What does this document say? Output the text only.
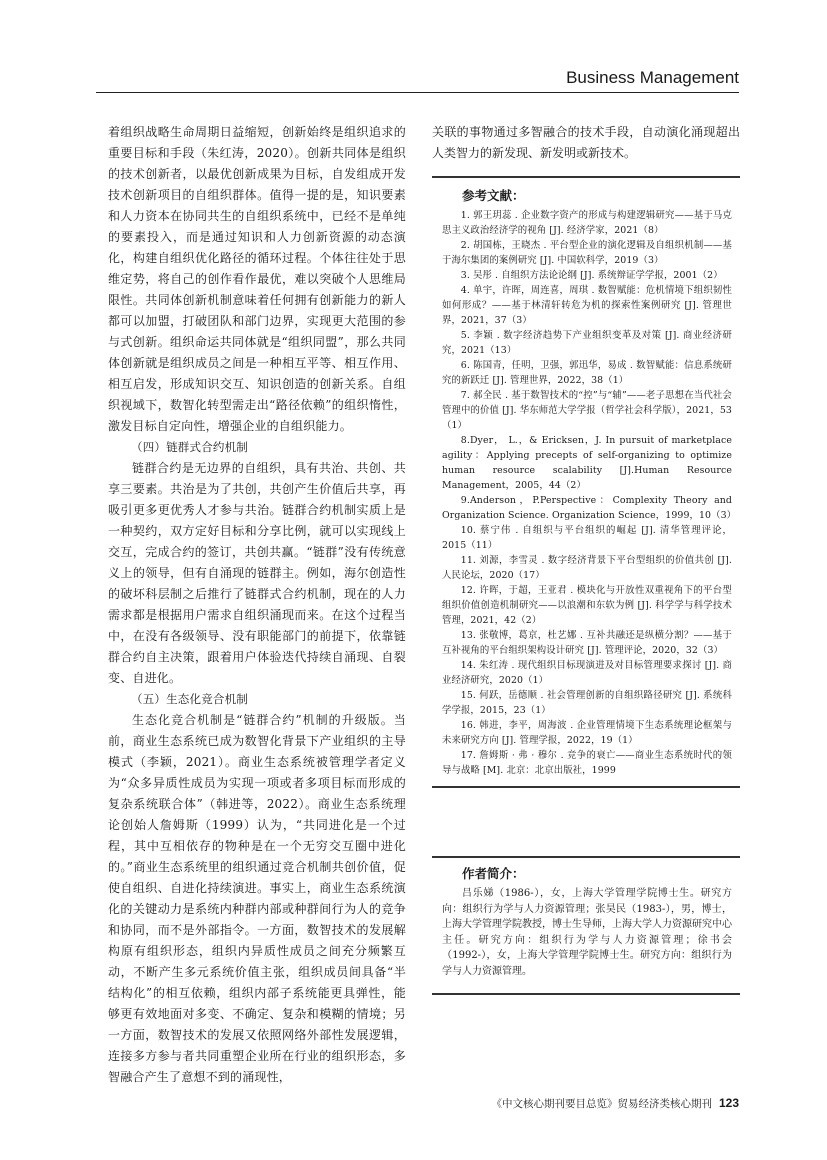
Business Management

着组织战略生命周期日益缩短，创新始终是组织追求的重要目标和手段（朱红涛，2020）。创新共同体是组织的技术创新者，以最优创新成果为目标，自发组成开发技术创新项目的自组织群体。值得一提的是，知识要素和人力资本在协同共生的自组织系统中，已经不是单纯的要素投入，而是通过知识和人力创新资源的动态演化，构建自组织优化路径的循环过程。个体往往处于思维定势，将自己的创作看作最优，难以突破个人思维局限性。共同体创新机制意味着任何拥有创新能力的新人都可以加盟，打破团队和部门边界，实现更大范围的参与式创新。组织命运共同体就是“组织同盟”，那么共同体创新就是组织成员之间是一种相互平等、相互作用、相互启发，形成知识交互、知识创造的创新关系。自组织视域下，数智化转型需走出“路径依赖”的组织惰性，激发目标自定向性，增强企业的自组织能力。

（四）链群式合约机制

链群合约是无边界的自组织，具有共治、共创、共享三要素。共治是为了共创，共创产生价值后共享，再吸引更多更优秀人才参与共治。链群合约机制实质上是一种契约，双方定好目标和分享比例，就可以实现线上交互，完成合约的签订，共创共赢。“链群”没有传统意义上的领导，但有自涌现的链群主。例如，海尔创造性的破坏科层制之后推行了链群式合约机制，现在的人力需求都是根据用户需求自组织涌现而来。在这个过程当中，在没有各级领导、没有职能部门的前提下，依靠链群合约自主决策，跟着用户体验迭代持续自涌现、自裂变、自进化。

（五）生态化竞合机制

生态化竞合机制是“链群合约”机制的升级版。当前，商业生态系统已成为数智化背景下产业组织的主导模式（李颖，2021）。商业生态系统被管理学者定义为“众多异质性成员为实现一项或者多项目标而形成的复杂系统联合体”（韩进等，2022）。商业生态系统理论创始人詹姆斯（1999）认为，“共同进化是一个过程，其中互相依存的物种是在一个无穷交互圈中进化的。”商业生态系统里的组织通过竞合机制共创价值，促使自组织、自进化持续演进。事实上，商业生态系统演化的关键动力是系统内种群内部或种群间行为人的竞争和协同，而不是外部指令。一方面，数智技术的发展解构原有组织形态，组织内异质性成员之间充分频繁互动，不断产生多元系统价值主张，组织成员间具备“半结构化”的相互依赖，组织内部子系统能更具弹性，能够更有效地面对多变、不确定、复杂和模糊的情境；另一方面，数智技术的发展又依照网络外部性发展逻辑，连接多方参与者共同重塑企业所在行业的组织形态，多智融合产生了意想不到的涌现性，

关联的事物通过多智融合的技术手段，自动演化涌现超出人类智力的新发现、新发明或新技术。

参考文献：
1. 郭王玥蕊 . 企业数字资产的形成与构建逻辑研究——基于马克思主义政治经济学的视角 [J]. 经济学家，2021（8）
2. 胡国栋，王晓杰 . 平台型企业的演化逻辑及自组织机制——基于海尔集团的案例研究 [J]. 中国软科学，2019（3）
3. 吴彤 . 自组织方法论论纲 [J]. 系统辩证学学报，2001（2）
4. 单宇，许晖，周连喜，周琪 . 数智赋能：危机情境下组织韧性如何形成？——基于林清轩转危为机的探索性案例研究 [J]. 管理世界，2021，37（3）
5. 李颖 . 数字经济趋势下产业组织变革及对策 [J]. 商业经济研究，2021（13）
6. 陈国青，任明，卫强，郭迅华，易成 . 数智赋能：信息系统研究的新跃迁 [J]. 管理世界，2022，38（1）
7. 郝全民 . 基于数智技术的“控”与“辅”——老子思想在当代社会管理中的价值 [J]. 华东师范大学学报（哲学社会科学版），2021，53（1）
8.Dyer， L.，& Ericksen，J. In pursuit of marketplace agility：Applying precepts of self-organizing to optimize human resource scalability [J].Human Resource Management，2005，44（2）
9.Anderson，P.Perspective：Complexity Theory and Organization Science. Organization Science，1999，10（3）
10. 蔡宁伟 . 自组织与平台组织的崛起 [J]. 清华管理评论，2015（11）
11. 刘源，李雪灵 . 数字经济背景下平台型组织的价值共创 [J]. 人民论坛，2020（17）
12. 许晖，于超，王亚君 . 模块化与开放性双重视角下的平台型组织价值创造机制研究——以浪潮和东软为例 [J]. 科学学与科学技术管理，2021，42（2）
13. 张敬博，葛京，杜艺娜 . 互补共融还是纵横分割？——基于互补视角的平台组织架构设计研究 [J]. 管理评论，2020，32（3）
14. 朱红涛 . 现代组织目标现演进及对目标管理要求探讨 [J]. 商业经济研究，2020（1）
15. 何跃，岳德顺 . 社会管理创新的自组织路径研究 [J]. 系统科学学报，2015，23（1）
16. 韩进，李平，周海波 . 企业管理情境下生态系统理论框架与未来研究方向 [J]. 管理学报，2022，19（1）
17. 詹姆斯 · 弗 · 穆尔 . 竞争的衰亡——商业生态系统时代的领导与战略 [M]. 北京：北京出版社，1999
作者简介：

吕乐娣（1986-），女，上海大学管理学院博士生。研究方向：组织行为学与人力资源管理；张昊民（1983-），男，博士，上海大学管理学院教授，博士生导师，上海大学人力资源研究中心主任。研究方向：组织行为学与人力资源管理；徐书会（1992-），女，上海大学管理学院博士生。研究方向：组织行为学与人力资源管理。

《中文核心期刊要目总览》贸易经济类核心期刊 123
